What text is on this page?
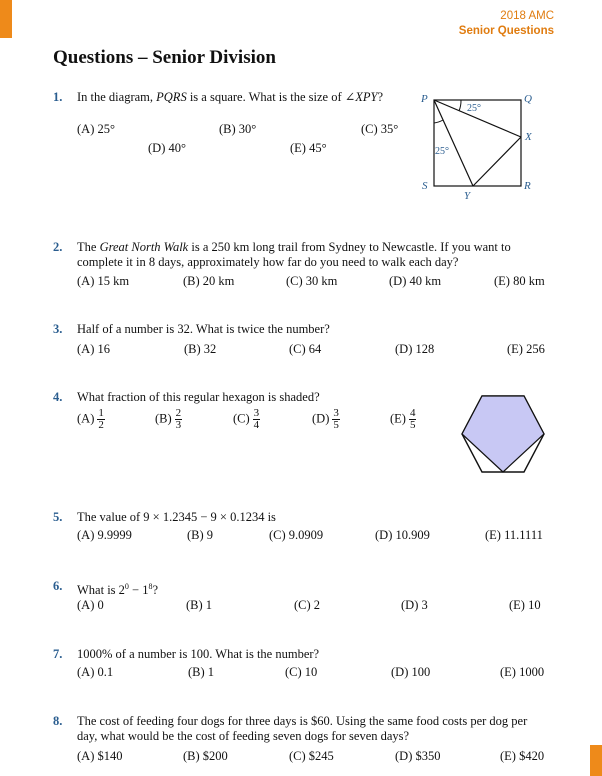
2018 AMC
Senior Questions
Questions – Senior Division
1. In the diagram, PQRS is a square. What is the size of ∠XPY?
(A) 25°	(B) 30°	(C) 35°
(D) 40°	(E) 45°
P	Q
R
S
X
Y
25°
25°
2. The Great North Walk is a 250 km long trail from Sydney to Newcastle. If you want to
complete it in 8 days, approximately how far do you need to walk each day?
(A) 15 km	(B) 20 km	(C) 30 km	(D) 40 km	(E) 80 km
3. Half of a number is 32. What is twice the number?
(A) 16	(B) 32	(C) 64	(D) 128	(E) 256
4. What fraction of this regular hexagon is shaded?
$(A) \frac{1}{2}$	$(B) \frac{2}{3}$	$(C) \frac{3}{4}$	$(D) \frac{3}{5}$	$(E) \frac{4}{5}$
5. The value of 9 × 1.2345 − 9 × 0.1234 is
(A) 9.9999	(B) 9	(C) 9.0909	(D) 10.909	(E) 11.1111
6. What is $2^0 - 1^8$?
(A) 0	(B) 1	(C) 2	(D) 3	(E) 10
7. 1000% of a number is 100. What is the number?
(A) 0.1	(B) 1	(C) 10	(D) 100	(E) 1000
8. The cost of feeding four dogs for three days is $60. Using the same food costs per dog per
day, what would be the cost of feeding seven dogs for seven days?
(A) $140	(B) $200	(C) $245	(D) $350	(E) $420
